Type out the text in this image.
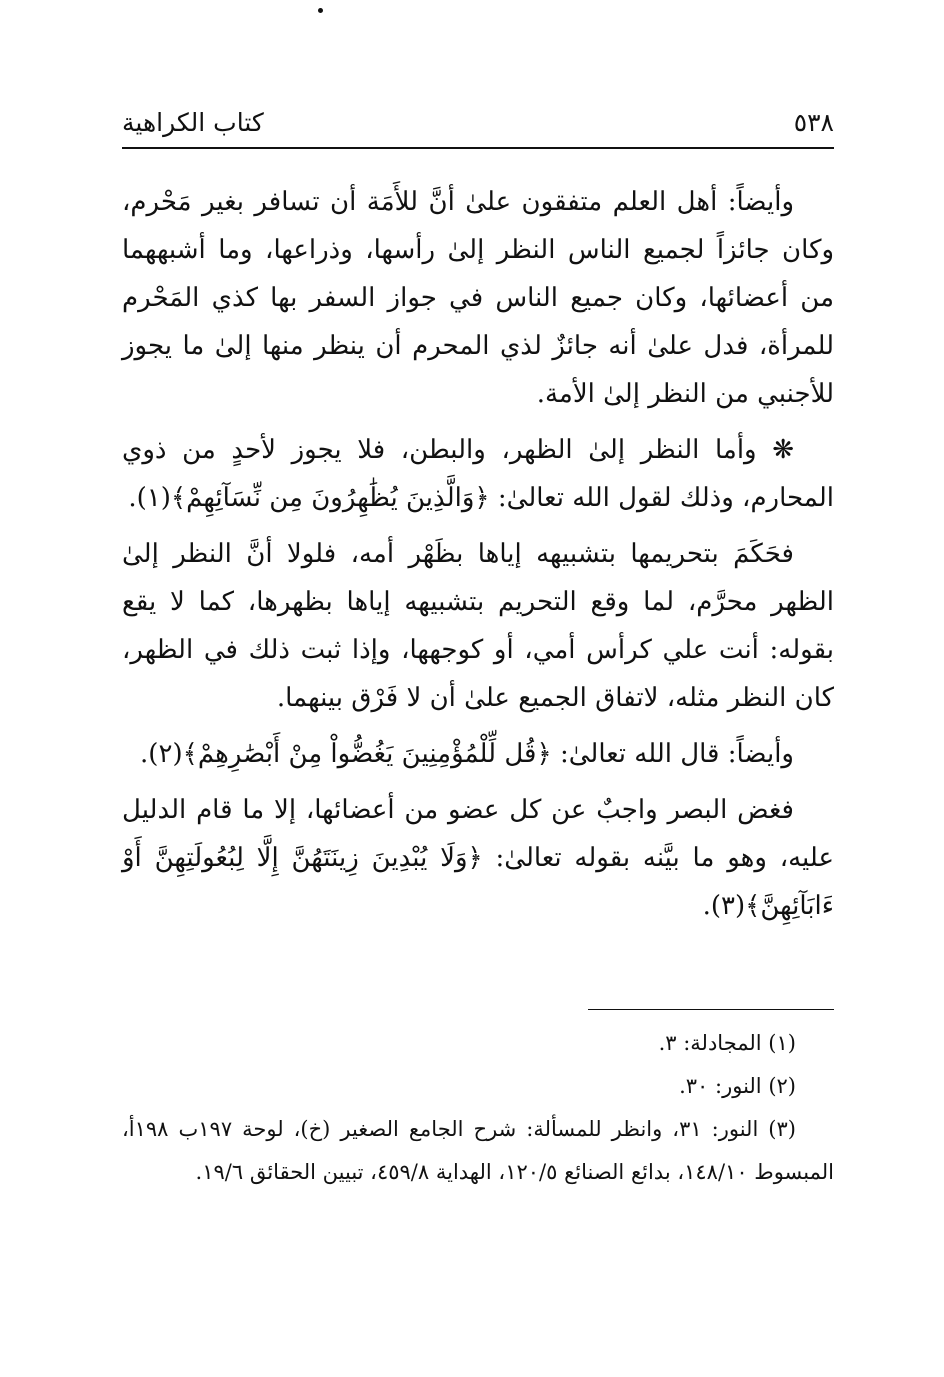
٥٣٨
كتاب الكراهية

وأيضاً: أهل العلم متفقون علىٰ أنَّ للأَمَة أن تسافر بغير مَحْرم، وكان جائزاً لجميع الناس النظر إلىٰ رأسها، وذراعها، وما أشبههما من أعضائها، وكان جميع الناس في جواز السفر بها كذي المَحْرم للمرأة، فدل علىٰ أنه جائزٌ لذي المحرم أن ينظر منها إلىٰ ما يجوز للأجنبي من النظر إلىٰ الأمة.

❋ وأما النظر إلىٰ الظهر، والبطن، فلا يجوز لأحدٍ من ذوي المحارم، وذلك لقول الله تعالىٰ: ﴿وَالَّذِينَ يُظَٰهِرُونَ مِن نِّسَآئِهِمْ﴾(١).

فحَكَمَ بتحريمها بتشبيهه إياها بظَهْر أمه، فلولا أنَّ النظر إلىٰ الظهر محرَّم، لما وقع التحريم بتشبيهه إياها بظهرها، كما لا يقع بقوله: أنت علي كرأس أمي، أو كوجهها، وإذا ثبت ذلك في الظهر، كان النظر مثله، لاتفاق الجميع علىٰ أن لا فَرْق بينهما.

وأيضاً: قال الله تعالىٰ: ﴿قُل لِّلْمُؤْمِنِينَ يَغُضُّواْ مِنْ أَبْصَٰرِهِمْ﴾(٢).

فغض البصر واجبٌ عن كل عضو من أعضائها، إلا ما قام الدليل عليه، وهو ما بيَّنه بقوله تعالىٰ: ﴿وَلَا يُبْدِينَ زِينَتَهُنَّ إِلَّا لِبُعُولَتِهِنَّ أَوْ ءَابَآئِهِنَّ﴾(٣).

(١) المجادلة: ٣.

(٢) النور: ٣٠.

(٣) النور: ٣١، وانظر للمسألة: شرح الجامع الصغير (خ)، لوحة ١٩٧ب ١٩٨أ، المبسوط ١٤٨/١٠، بدائع الصنائع ١٢٠/٥، الهداية ٤٥٩/٨، تبيين الحقائق ١٩/٦.
